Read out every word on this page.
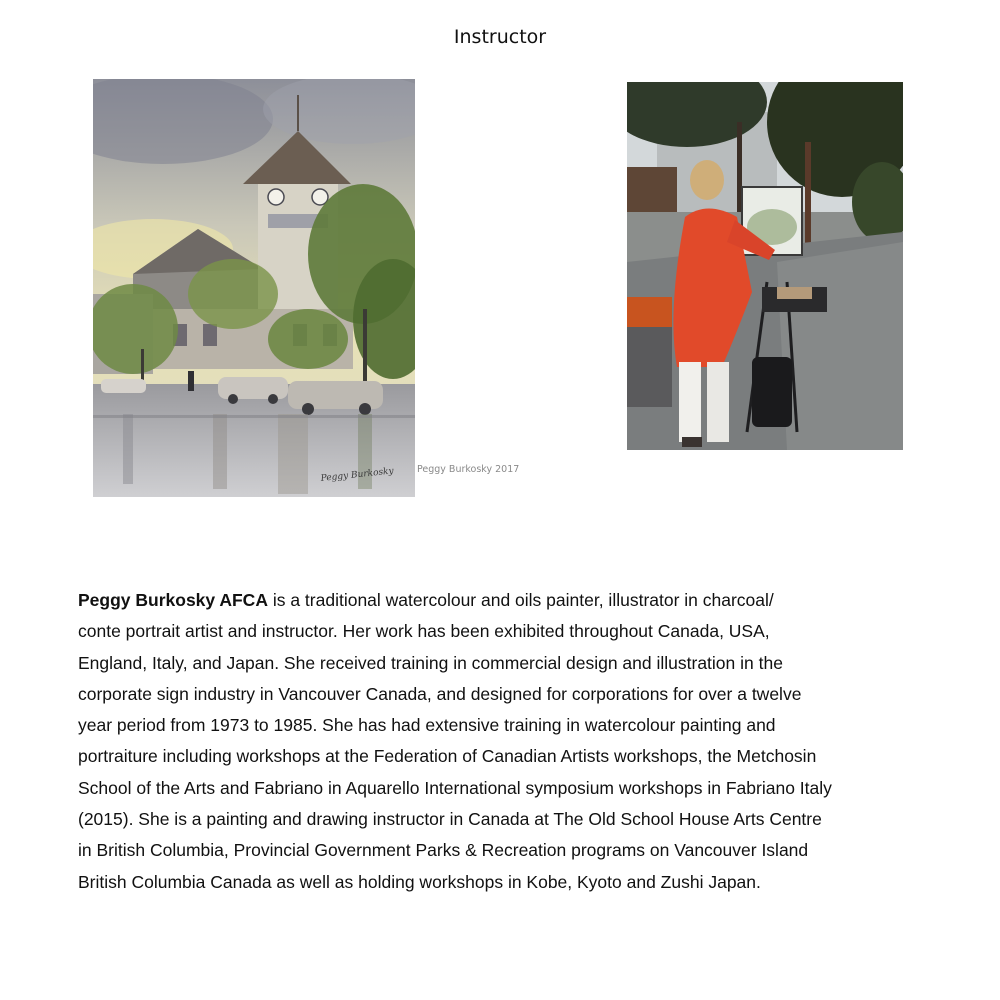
Instructor
Peggy Burkosky Peggy Burkosky 2017
Peggy Burkosky AFCA is a traditional watercolour and oils painter, illustrator in charcoal/
conte portrait artist and instructor. Her work has been exhibited throughout Canada, USA,
England, Italy, and Japan. She received training in commercial design and illustration in the
corporate sign industry in Vancouver Canada, and designed for corporations for over a twelve
year period from 1973 to 1985. She has had extensive training in watercolour painting and
portraiture including workshops at the Federation of Canadian Artists workshops, the Metchosin
School of the Arts and Fabriano in Aquarello International symposium workshops in Fabriano Italy
(2015). She is a painting and drawing instructor in Canada at The Old School House Arts Centre
in British Columbia, Provincial Government Parks & Recreation programs on Vancouver Island
British Columbia Canada as well as holding workshops in Kobe, Kyoto and Zushi Japan.
